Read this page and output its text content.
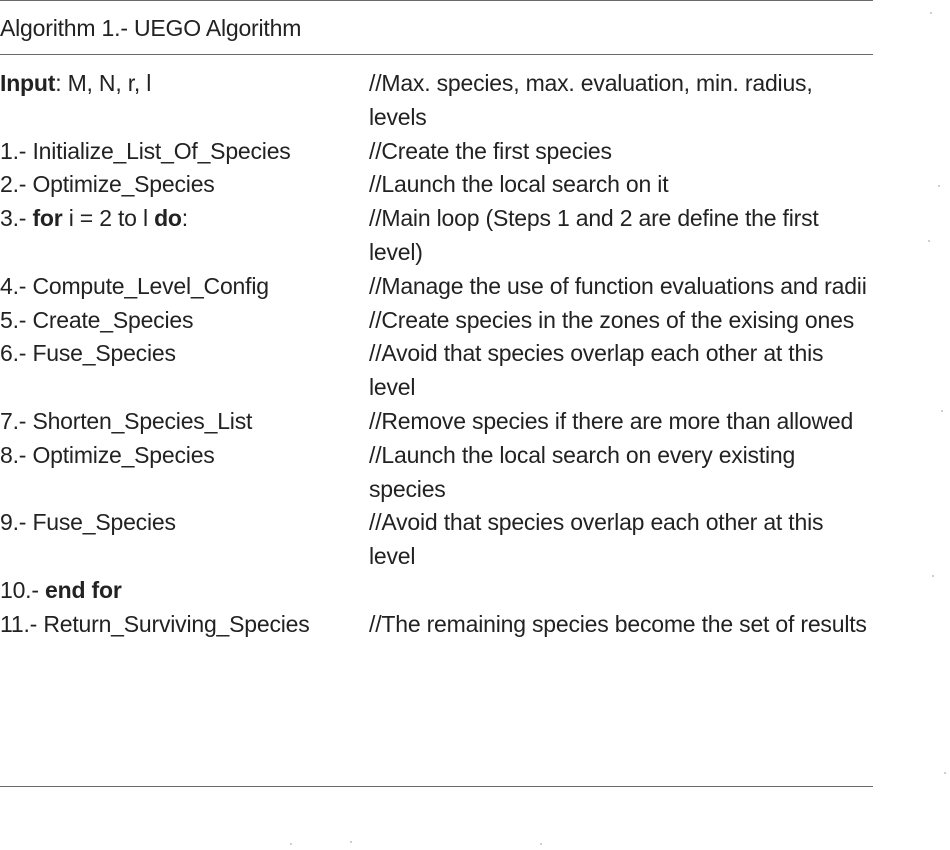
Algorithm 1.- UEGO Algorithm
Input: M, N, r, l	//Max. species, max. evaluation, min. radius, levels
1.- Initialize_List_Of_Species	//Create the first species
2.- Optimize_Species	//Launch the local search on it
3.- for i = 2 to l do:	//Main loop (Steps 1 and 2 are define the first level)
4.- Compute_Level_Config	//Manage the use of function evaluations and radii
5.- Create_Species	//Create species in the zones of the exising ones
6.- Fuse_Species	//Avoid that species overlap each other at this level
7.- Shorten_Species_List	//Remove species if there are more than allowed
8.- Optimize_Species	//Launch the local search on every existing species
9.- Fuse_Species	//Avoid that species overlap each other at this level
10.- end for
11.- Return_Surviving_Species	//The remaining species become the set of results
